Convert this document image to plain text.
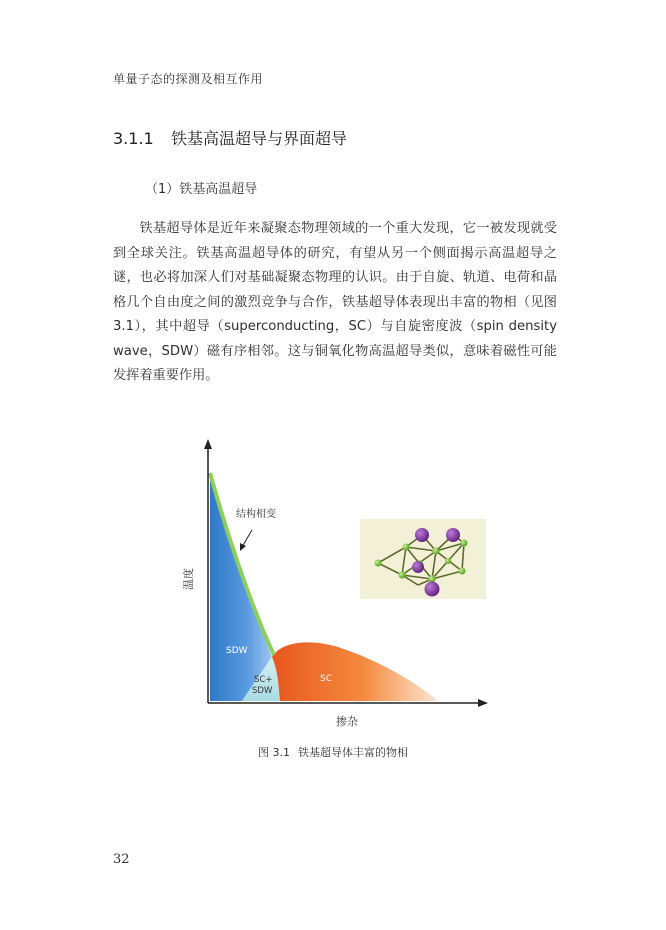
单量子态的探测及相互作用
3.1.1 铁基高温超导与界面超导
（1）铁基高温超导

铁基超导体是近年来凝聚态物理领域的一个重大发现，它一被发现就受到全球关注。铁基高温超导体的研究，有望从另一个侧面揭示高温超导之谜，也必将加深人们对基础凝聚态物理的认识。由于自旋、轨道、电荷和晶格几个自由度之间的激烈竞争与合作，铁基超导体表现出丰富的物相（见图 3.1），其中超导（superconducting，SC）与自旋密度波（spin density wave，SDW）磁有序相邻。这与铜氧化物高温超导类似，意味着磁性可能发挥着重要作用。

结构相变
SDW
SC+
SDW
SC
温度
掺杂
图 3.1 铁基超导体丰富的物相
32
